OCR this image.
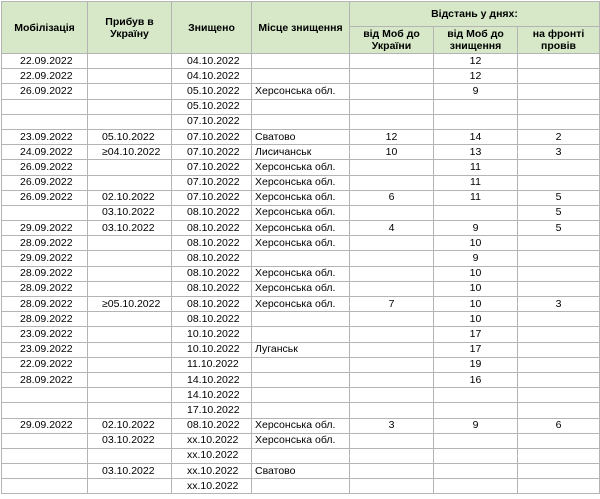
Мобілізація	Прибув в Україну	Знищено	Місце знищення	Відстань у днях:		
				від Моб до України	від Моб до знищення	на фронті провів
22.09.2022		04.10.2022			12	
22.09.2022		04.10.2022			12	
26.09.2022		05.10.2022	Херсонська обл.		9	
		05.10.2022				
		07.10.2022				
23.09.2022	05.10.2022	07.10.2022	Сватово	12	14	2
24.09.2022	≥04.10.2022	07.10.2022	Лисичанськ	10	13	3
26.09.2022		07.10.2022	Херсонська обл.		11	
26.09.2022		07.10.2022	Херсонська обл.		11	
26.09.2022	02.10.2022	07.10.2022	Херсонська обл.	6	11	5
	03.10.2022	08.10.2022	Херсонська обл.			5
29.09.2022	03.10.2022	08.10.2022	Херсонська обл.	4	9	5
28.09.2022		08.10.2022	Херсонська обл.		10	
29.09.2022		08.10.2022			9	
28.09.2022		08.10.2022	Херсонська обл.		10	
28.09.2022		08.10.2022	Херсонська обл.		10	
28.09.2022	≥05.10.2022	08.10.2022	Херсонська обл.	7	10	3
28.09.2022		08.10.2022			10	
23.09.2022		10.10.2022			17	
23.09.2022		10.10.2022	Луганськ		17	
22.09.2022		11.10.2022			19	
28.09.2022		14.10.2022			16	
		14.10.2022				
		17.10.2022				
29.09.2022	02.10.2022	08.10.2022	Херсонська обл.	3	9	6
	03.10.2022	хх.10.2022	Херсонська обл.			
		хх.10.2022				
	03.10.2022	хх.10.2022	Сватово			
		хх.10.2022				
